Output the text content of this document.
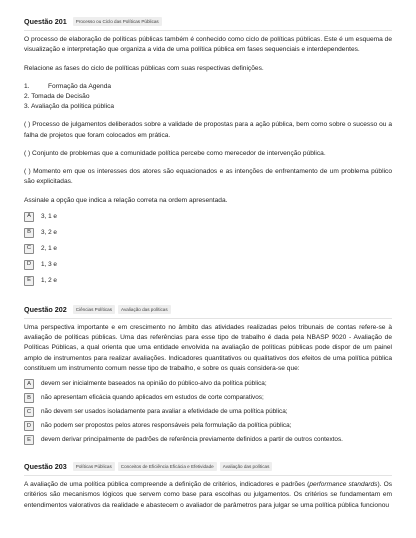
Questão 201	Processo ou Ciclo das Políticas Públicas

O processo de elaboração de políticas públicas também é conhecido como ciclo de políticas públicas. Este é um esquema de visualização e interpretação que organiza a vida de uma política pública em fases sequenciais e interdependentes.

Relacione as fases do ciclo de políticas públicas com suas respectivas definições.

1.	Formação da Agenda
2. Tomada de Decisão
3. Avaliação da política pública

( ) Processo de julgamentos deliberados sobre a validade de propostas para a ação pública, bem como sobre o sucesso ou a falha de projetos que foram colocados em prática.

( ) Conjunto de problemas que a comunidade política percebe como merecedor de intervenção pública.

( ) Momento em que os interesses dos atores são equacionados e as intenções de enfrentamento de um problema público são explicitadas.

Assinale a opção que indica a relação correta na ordem apresentada.

A	3, 1 e
B	3, 2 e
C	2, 1 e
D	1, 3 e
E	1, 2 e
Questão 202	Ciências Políticas	Avaliação das políticas

Uma perspectiva importante e em crescimento no âmbito das atividades realizadas pelos tribunais de contas refere-se à avaliação de políticas públicas. Uma das referências para esse tipo de trabalho é dada pela NBASP 9020 - Avaliação de Políticas Públicas, a qual orienta que uma entidade envolvida na avaliação de políticas públicas pode dispor de um painel amplo de instrumentos para realizar avaliações. Indicadores quantitativos ou qualitativos dos efeitos de uma política pública constituem um instrumento comum nesse tipo de trabalho, e sobre os quais considera-se que:

A	devem ser inicialmente baseados na opinião do público-alvo da política pública;
B	não apresentam eficácia quando aplicados em estudos de corte comparativos;
C	não devem ser usados isoladamente para avaliar a efetividade de uma política pública;
D	não podem ser propostos pelos atores responsáveis pela formulação da política pública;
E	devem derivar principalmente de padrões de referência previamente definidos a partir de outros contextos.
Questão 203	Políticas Públicas	Conceitos de Eficiência Eficácia e Efetividade	Avaliação das políticas

A avaliação de uma política pública compreende a definição de critérios, indicadores e padrões (performance standards). Os critérios são mecanismos lógicos que servem como base para escolhas ou julgamentos. Os critérios se fundamentam em entendimentos valorativos da realidade e abastecem o avaliador de parâmetros para julgar se uma política pública funcionou
